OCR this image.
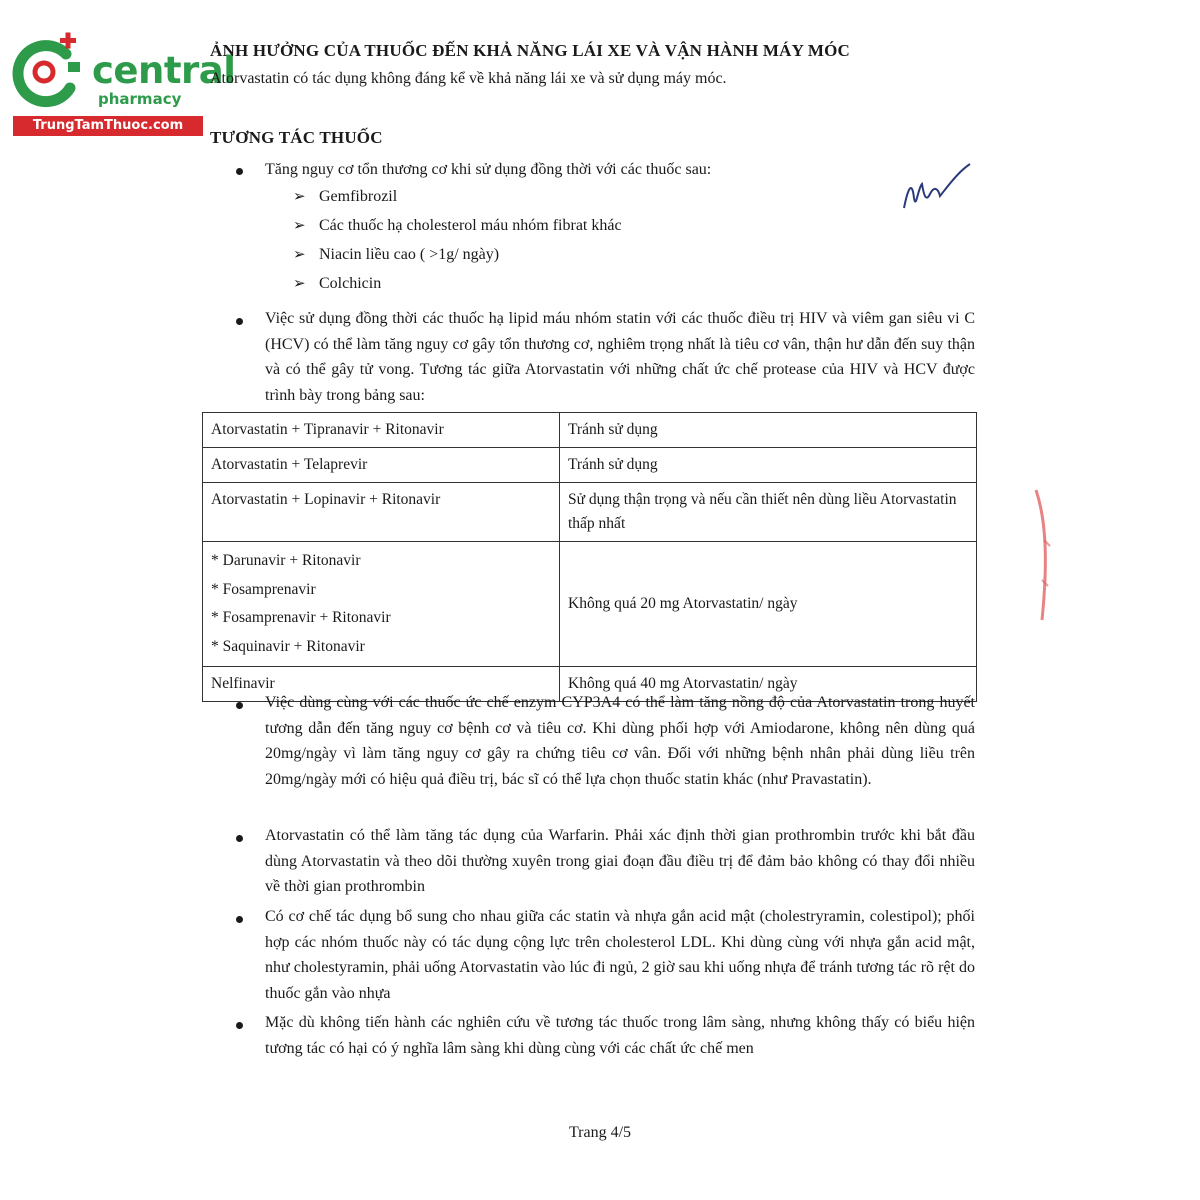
central
pharmacy
TrungTamThuoc.com
ẢNH HƯỞNG CỦA THUỐC ĐẾN KHẢ NĂNG LÁI XE VÀ VẬN HÀNH MÁY MÓC
Atorvastatin có tác dụng không đáng kể về khả năng lái xe và sử dụng máy móc.
TƯƠNG TÁC THUỐC
Tăng nguy cơ tổn thương cơ khi sử dụng đồng thời với các thuốc sau:
➢ Gemfibrozil
➢ Các thuốc hạ cholesterol máu nhóm fibrat khác
➢ Niacin liều cao ( >1g/ ngày)
➢ Colchicin
Việc sử dụng đồng thời các thuốc hạ lipid máu nhóm statin với các thuốc điều trị HIV và viêm gan siêu vi C (HCV) có thể làm tăng nguy cơ gây tổn thương cơ, nghiêm trọng nhất là tiêu cơ vân, thận hư dẫn đến suy thận và có thể gây tử vong. Tương tác giữa Atorvastatin với những chất ức chế protease của HIV và HCV được trình bày trong bảng sau:
Atorvastatin + Tipranavir + Ritonavir	Tránh sử dụng
Atorvastatin + Telaprevir	Tránh sử dụng
Atorvastatin + Lopinavir + Ritonavir	Sử dụng thận trọng và nếu cần thiết nên dùng liều Atorvastatin thấp nhất

* Darunavir + Ritonavir
* Fosamprenavir
* Fosamprenavir + Ritonavir
* Saquinavir + Ritonavir	Không quá 20 mg Atorvastatin/ ngày
Nelfinavir	Không quá 40 mg Atorvastatin/ ngày
Việc dùng cùng với các thuốc ức chế enzym CYP3A4 có thể làm tăng nồng độ của Atorvastatin trong huyết tương dẫn đến tăng nguy cơ bệnh cơ và tiêu cơ. Khi dùng phối hợp với Amiodarone, không nên dùng quá 20mg/ngày vì làm tăng nguy cơ gây ra chứng tiêu cơ vân. Đối với những bệnh nhân phải dùng liều trên 20mg/ngày mới có hiệu quả điều trị, bác sĩ có thể lựa chọn thuốc statin khác (như Pravastatin).
Atorvastatin có thể làm tăng tác dụng của Warfarin. Phải xác định thời gian prothrombin trước khi bắt đầu dùng Atorvastatin và theo dõi thường xuyên trong giai đoạn đầu điều trị để đảm bảo không có thay đổi nhiều về thời gian prothrombin
Có cơ chế tác dụng bổ sung cho nhau giữa các statin và nhựa gắn acid mật (cholestryramin, colestipol); phối hợp các nhóm thuốc này có tác dụng cộng lực trên cholesterol LDL. Khi dùng cùng với nhựa gắn acid mật, như cholestyramin, phải uống Atorvastatin vào lúc đi ngủ, 2 giờ sau khi uống nhựa để tránh tương tác rõ rệt do thuốc gắn vào nhựa
Mặc dù không tiến hành các nghiên cứu về tương tác thuốc trong lâm sàng, nhưng không thấy có biểu hiện tương tác có hại có ý nghĩa lâm sàng khi dùng cùng với các chất ức chế men
Trang 4/5
